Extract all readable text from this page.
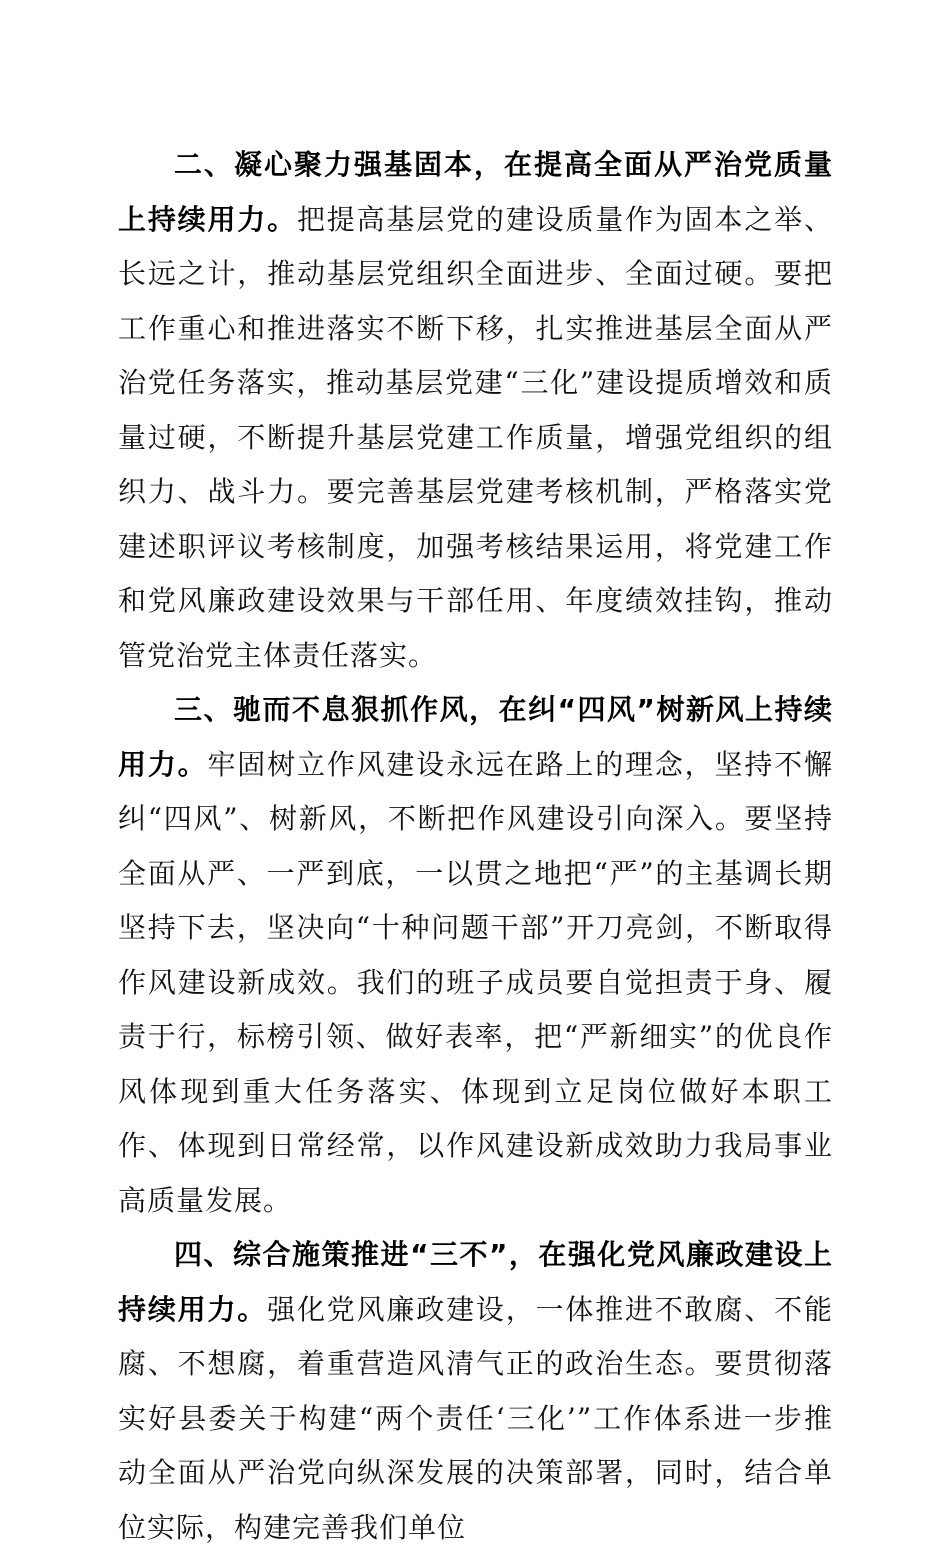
二、凝心聚力强基固本，在提高全面从严治党质量上持续用力。把提高基层党的建设质量作为固本之举、长远之计，推动基层党组织全面进步、全面过硬。要把工作重心和推进落实不断下移，扎实推进基层全面从严治党任务落实，推动基层党建“三化”建设提质增效和质量过硬，不断提升基层党建工作质量，增强党组织的组织力、战斗力。要完善基层党建考核机制，严格落实党建述职评议考核制度，加强考核结果运用，将党建工作和党风廉政建设效果与干部任用、年度绩效挂钩，推动管党治党主体责任落实。

三、驰而不息狠抓作风，在纠“四风”树新风上持续用力。牢固树立作风建设永远在路上的理念，坚持不懈纠“四风”、树新风，不断把作风建设引向深入。要坚持全面从严、一严到底，一以贯之地把“严”的主基调长期坚持下去，坚决向“十种问题干部”开刀亮剑，不断取得作风建设新成效。我们的班子成员要自觉担责于身、履责于行，标榜引领、做好表率，把“严新细实”的优良作风体现到重大任务落实、体现到立足岗位做好本职工作、体现到日常经常，以作风建设新成效助力我局事业高质量发展。

四、综合施策推进“三不”，在强化党风廉政建设上持续用力。强化党风廉政建设，一体推进不敢腐、不能腐、不想腐，着重营造风清气正的政治生态。要贯彻落实好县委关于构建“两个责任‘三化’”工作体系进一步推动全面从严治党向纵深发展的决策部署，同时，结合单位实际，构建完善我们单位
